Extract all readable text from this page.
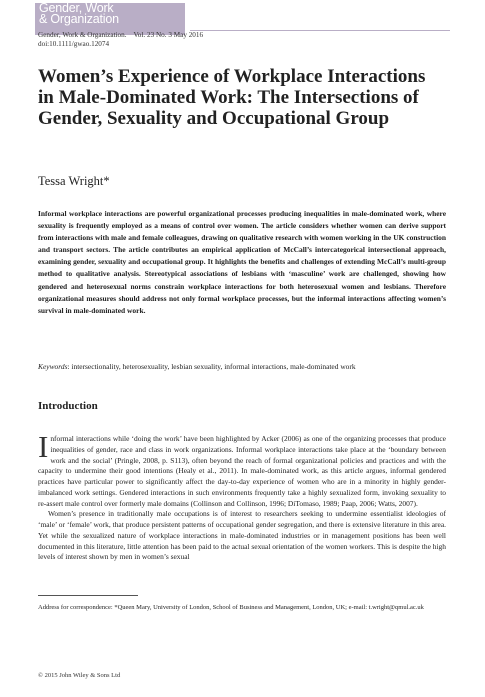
Gender, Work
& Organization
Gender, Work & Organization.    Vol. 23 No. 3 May 2016
doi:10.1111/gwao.12074
Women’s Experience of Workplace Interactions in Male-Dominated Work: The Intersections of Gender, Sexuality and Occupational Group
Tessa Wright*

Informal workplace interactions are powerful organizational processes producing inequalities in male-dominated work, where sexuality is frequently employed as a means of control over women. The article considers whether women can derive support from interactions with male and female colleagues, drawing on qualitative research with women working in the UK construction and transport sectors. The article contributes an empirical application of McCall’s intercategorical intersectional approach, examining gender, sexuality and occupational group. It highlights the benefits and challenges of extending McCall’s multi-group method to qualitative analysis. Stereotypical associations of lesbians with ‘masculine’ work are challenged, showing how gendered and heterosexual norms constrain workplace interactions for both heterosexual women and lesbians. Therefore organizational measures should address not only formal workplace processes, but the informal interactions affecting women’s survival in male-dominated work.

Keywords: intersectionality, heterosexuality, lesbian sexuality, informal interactions, male-dominated work

Introduction

Informal interactions while ‘doing the work’ have been highlighted by Acker (2006) as one of the organizing processes that produce inequalities of gender, race and class in work organizations. Informal workplace interactions take place at the ‘boundary between work and the social’ (Pringle, 2008, p. S113), often beyond the reach of formal organizational policies and practices and with the capacity to undermine their good intentions (Healy et al., 2011). In male-dominated work, as this article argues, informal gendered practices have particular power to significantly affect the day-to-day experience of women who are in a minority in highly gender-imbalanced work settings. Gendered interactions in such environments frequently take a highly sexualized form, invoking sexuality to re-assert male control over formerly male domains (Collinson and Collinson, 1996; DiTomaso, 1989; Paap, 2006; Watts, 2007).

Women’s presence in traditionally male occupations is of interest to researchers seeking to undermine essentialist ideologies of ‘male’ or ‘female’ work, that produce persistent patterns of occupational gender segregation, and there is extensive literature in this area. Yet while the sexualized nature of workplace interactions in male-dominated industries or in management positions has been well documented in this literature, little attention has been paid to the actual sexual orientation of the women workers. This is despite the high levels of interest shown by men in women’s sexual

Address for correspondence: *Queen Mary, University of London, School of Business and Management, London, UK; e-mail: t.wright@qmul.ac.uk

© 2015 John Wiley & Sons Ltd
